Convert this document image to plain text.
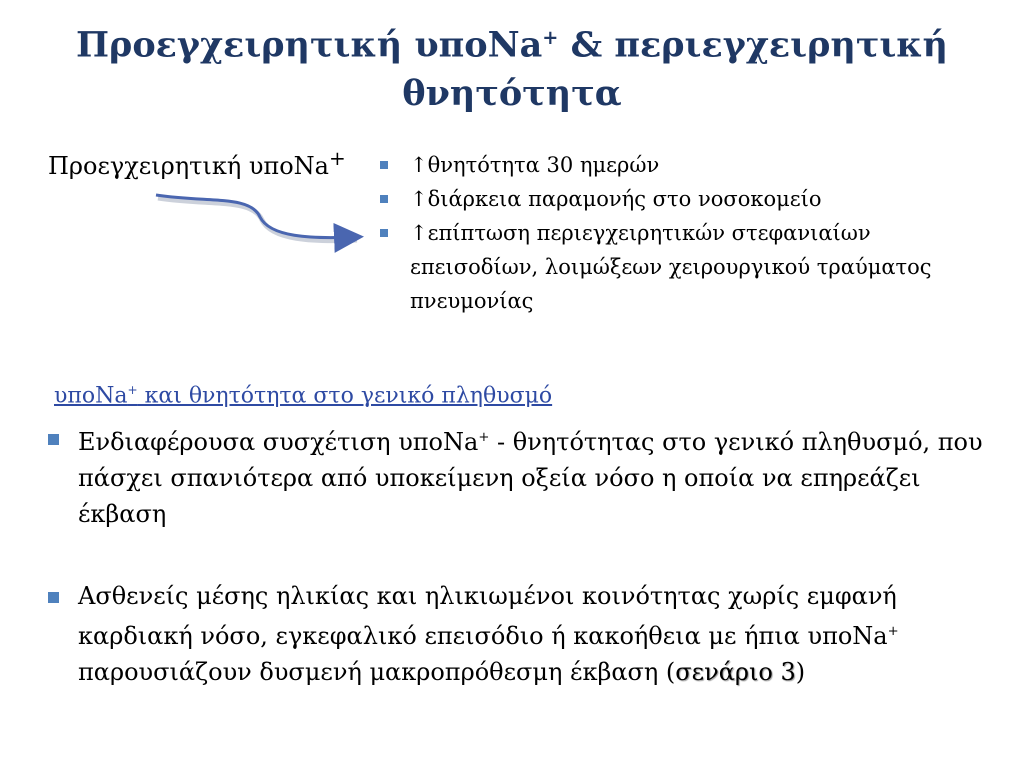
Προεγχειρητική υποNa+ & περιεγχειρητική
θνητότητα
Προεγχειρητική υποNa+	↑θνητότητα 30 ημερών
↑διάρκεια παραμονής στο νοσοκομείο
↑επίπτωση περιεγχειρητικών στεφανιαίων επεισοδίων, λοιμώξεων χειρουργικού τραύματος πνευμονίας
υποNa+ και θνητότητα στο γενικό πληθυσμό
Ενδιαφέρουσα συσχέτιση υποNa+ - θνητότητας στο γενικό πληθυσμό, που πάσχει σπανιότερα από υποκείμενη οξεία νόσο η οποία να επηρεάζει έκβαση
Ασθενείς μέσης ηλικίας και ηλικιωμένοι κοινότητας χωρίς εμφανή καρδιακή νόσο, εγκεφαλικό επεισόδιο ή κακοήθεια με ήπια υποNa+ παρουσιάζουν δυσμενή μακροπρόθεσμη έκβαση (σενάριο 3)
